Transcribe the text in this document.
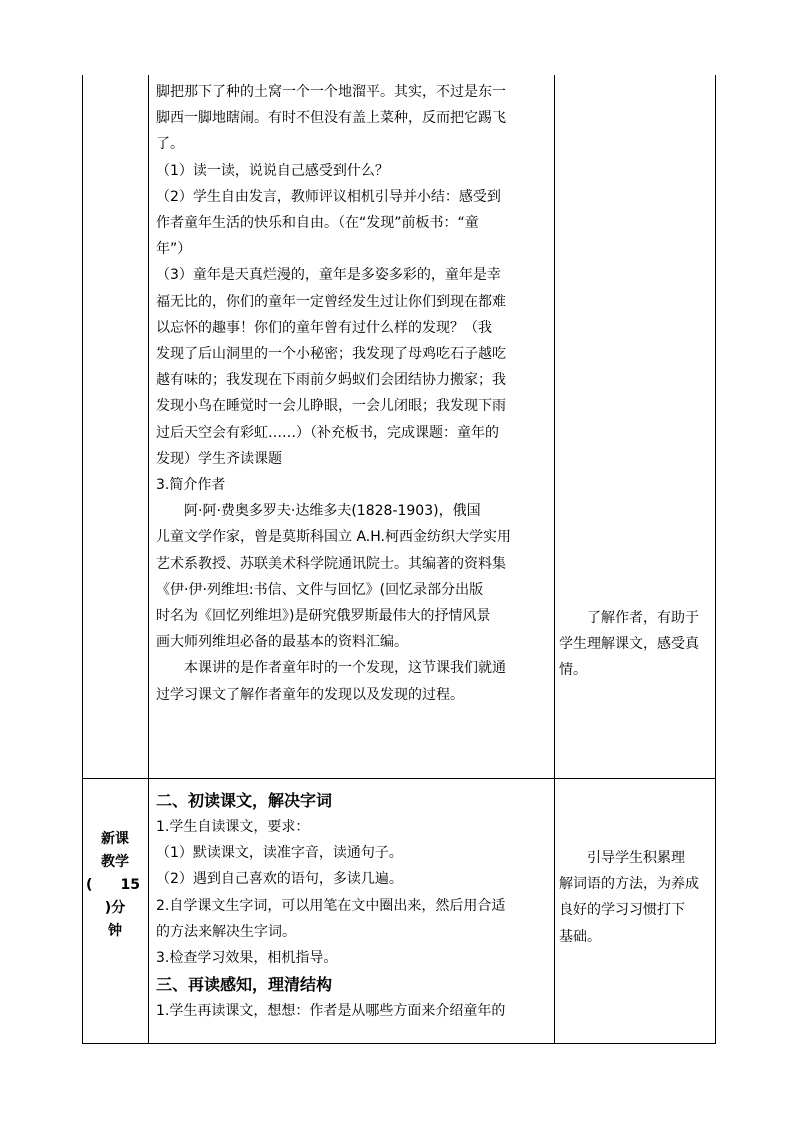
脚把那下了种的土窝一个一个地溜平。其实，不过是东一

脚西一脚地瞎闹。有时不但没有盖上菜种，反而把它踢飞

了。

（1）读一读，说说自己感受到什么？

（2）学生自由发言，教师评议相机引导并小结：感受到

作者童年生活的快乐和自由。（在“发现”前板书：“童

年”）

（3）童年是天真烂漫的，童年是多姿多彩的，童年是幸

福无比的，你们的童年一定曾经发生过让你们到现在都难

以忘怀的趣事！你们的童年曾有过什么样的发现？（我

发现了后山洞里的一个小秘密；我发现了母鸡吃石子越吃

越有味的；我发现在下雨前夕蚂蚁们会团结协力搬家；我

发现小鸟在睡觉时一会儿睁眼，一会儿闭眼；我发现下雨

过后天空会有彩虹……）（补充板书，完成课题：童年的

发现）学生齐读课题

3.简介作者

阿·阿·费奥多罗夫·达维多夫(1828-1903)，俄国

儿童文学作家，曾是莫斯科国立 A.H.柯西金纺织大学实用

艺术系教授、苏联美术科学院通讯院士。其编著的资料集

《伊·伊·列维坦:书信、文件与回忆》(回忆录部分出版

时名为《回忆列维坦》)是研究俄罗斯最伟大的抒情风景

画大师列维坦必备的最基本的资料汇编。

本课讲的是作者童年时的一个发现，这节课我们就通

过学习课文了解作者童年的发现以及发现的过程。

了解作者，有助于

学生理解课文，感受真

情。

新课

教学

( 15

)分

钟

二、初读课文，解决字词

1.学生自读课文，要求：

（1）默读课文，读准字音，读通句子。

（2）遇到自己喜欢的语句，多读几遍。

2.自学课文生字词，可以用笔在文中圈出来，然后用合适

的方法来解决生字词。

3.检查学习效果，相机指导。

三、再读感知，理清结构

1.学生再读课文，想想：作者是从哪些方面来介绍童年的

引导学生积累理

解词语的方法，为养成

良好的学习习惯打下

基础。
